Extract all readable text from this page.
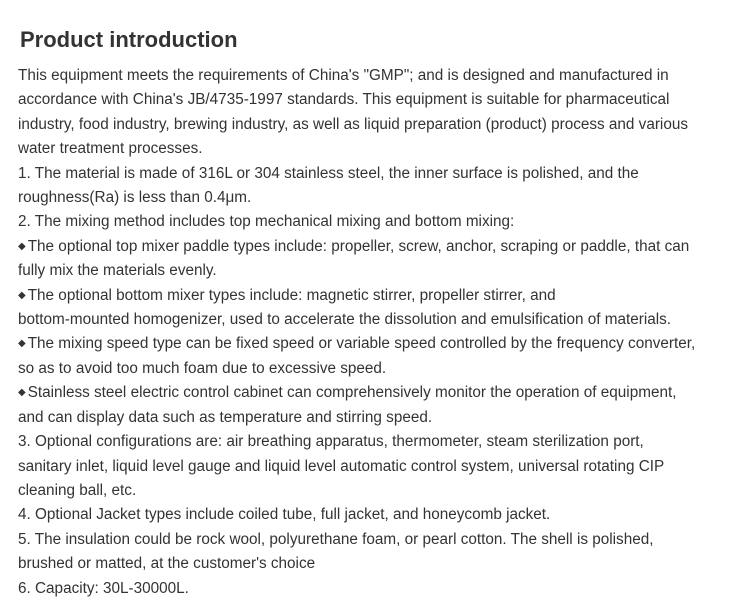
Product introduction
This equipment meets the requirements of China's "GMP"; and is designed and manufactured in
accordance with China's JB/4735-1997 standards. This equipment is suitable for pharmaceutical
industry, food industry, brewing industry, as well as liquid preparation (product) process and various
water treatment processes.
1. The material is made of 316L or 304 stainless steel, the inner surface is polished, and the
roughness(Ra) is less than 0.4μm.
2. The mixing method includes top mechanical mixing and bottom mixing:
◆ The optional top mixer paddle types include: propeller, screw, anchor, scraping or paddle, that can
fully mix the materials evenly.
◆ The optional bottom mixer types include: magnetic stirrer, propeller stirrer, and
bottom-mounted homogenizer, used to accelerate the dissolution and emulsification of materials.
◆ The mixing speed type can be fixed speed or variable speed controlled by the frequency converter,
so as to avoid too much foam due to excessive speed.
◆ Stainless steel electric control cabinet can comprehensively monitor the operation of equipment,
and can display data such as temperature and stirring speed.
3. Optional configurations are: air breathing apparatus, thermometer, steam sterilization port,
sanitary inlet, liquid level gauge and liquid level automatic control system, universal rotating CIP
cleaning ball, etc.
4. Optional Jacket types include coiled tube, full jacket, and honeycomb jacket.
5. The insulation could be rock wool, polyurethane foam, or pearl cotton. The shell is polished,
brushed or matted, at the customer's choice
6. Capacity: 30L-30000L.
